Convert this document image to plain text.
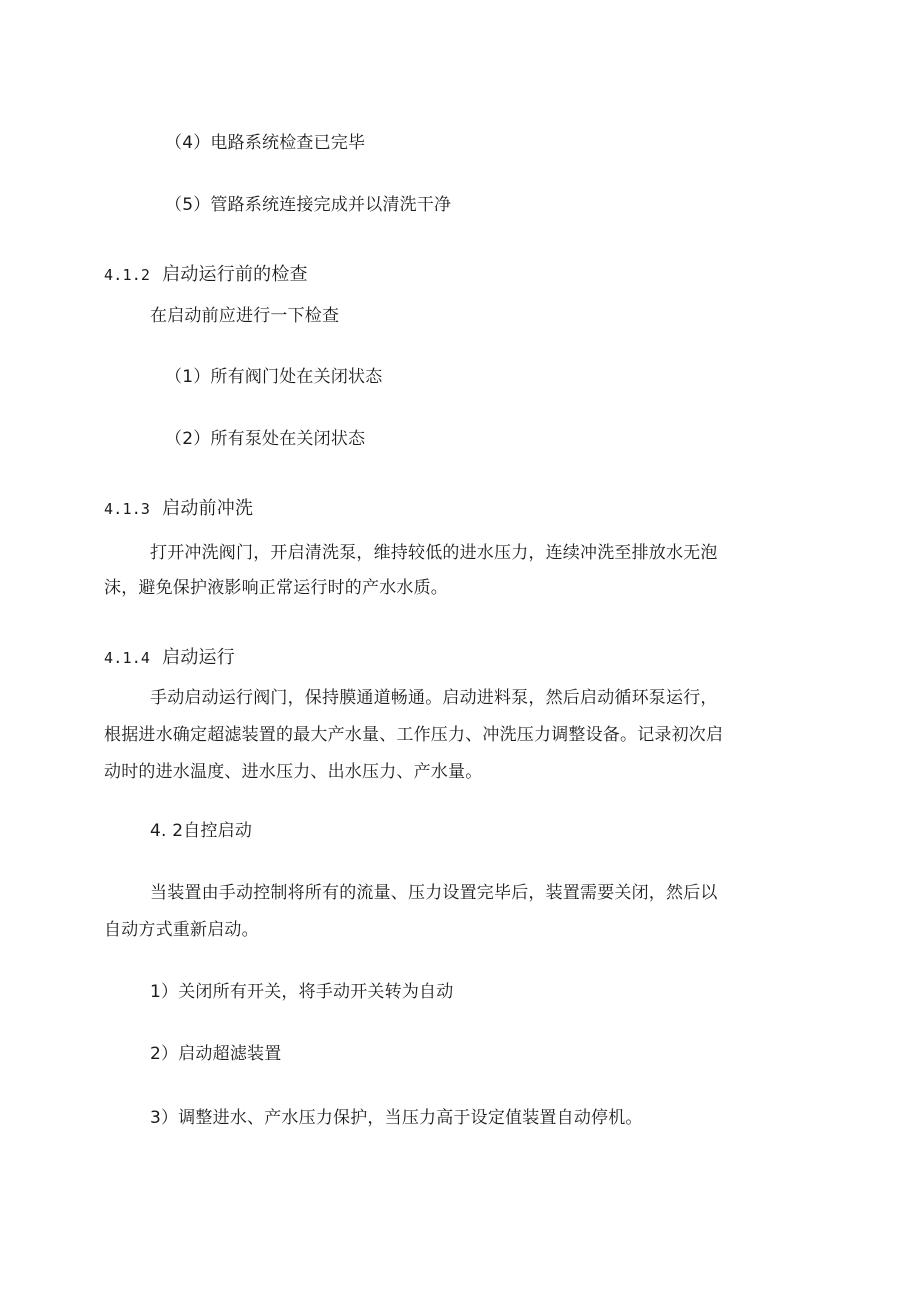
（4）电路系统检查已完毕
（5）管路系统连接完成并以清洗干净
4.1.2 启动运行前的检查
在启动前应进行一下检查
（1）所有阀门处在关闭状态
（2）所有泵处在关闭状态
4.1.3 启动前冲洗
打开冲洗阀门，开启清洗泵，维持较低的进水压力，连续冲洗至排放水无泡
沫，避免保护液影响正常运行时的产水水质。
4.1.4 启动运行
手动启动运行阀门，保持膜通道畅通。启动进料泵，然后启动循环泵运行，
根据进水确定超滤装置的最大产水量、工作压力、冲洗压力调整设备。记录初次启
动时的进水温度、进水压力、出水压力、产水量。
4. 2自控启动
当装置由手动控制将所有的流量、压力设置完毕后，装置需要关闭，然后以
自动方式重新启动。
1）关闭所有开关，将手动开关转为自动
2）启动超滤装置
3）调整进水、产水压力保护，当压力高于设定值装置自动停机。
